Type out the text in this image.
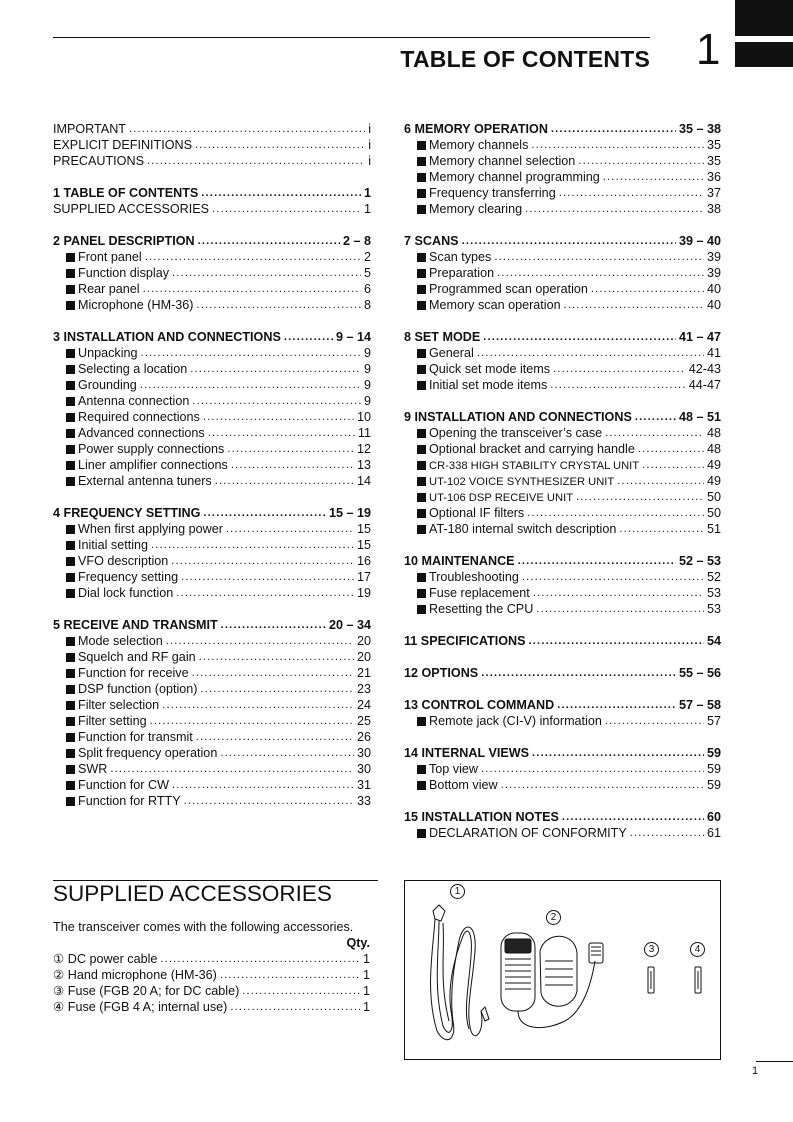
1
TABLE OF CONTENTS
IMPORTANT .....	i
EXPLICIT DEFINITIONS .....	i
PRECAUTIONS .....	i
1 TABLE OF CONTENTS .....	1
SUPPLIED ACCESSORIES .....	1
2 PANEL DESCRIPTION .....	2 – 8
Front panel .....	2
Function display .....	5
Rear panel .....	6
Microphone (HM-36) .....	8
3 INSTALLATION AND CONNECTIONS .....	9 – 14
Unpacking .....	9
Selecting a location .....	9
Grounding .....	9
Antenna connection .....	9
Required connections .....	10
Advanced connections .....	11
Power supply connections .....	12
Liner amplifier connections .....	13
External antenna tuners .....	14
4 FREQUENCY SETTING .....	15 – 19
When first applying power .....	15
Initial setting .....	15
VFO description .....	16
Frequency setting .....	17
Dial lock function .....	19
5 RECEIVE AND TRANSMIT .....	20 – 34
Mode selection .....	20
Squelch and RF gain .....	20
Function for receive .....	21
DSP function (option) .....	23
Filter selection .....	24
Filter setting .....	25
Function for transmit .....	26
Split frequency operation .....	30
SWR .....	30
Function for CW .....	31
Function for RTTY .....	33
6 MEMORY OPERATION .....	35 – 38
Memory channels .....	35
Memory channel selection .....	35
Memory channel programming .....	36
Frequency transferring .....	37
Memory clearing .....	38
7 SCANS .....	39 – 40
Scan types .....	39
Preparation .....	39
Programmed scan operation .....	40
Memory scan operation .....	40
8 SET MODE .....	41 – 47
General .....	41
Quick set mode items .....	42-43
Initial set mode items .....	44-47
9 INSTALLATION AND CONNECTIONS .....	48 – 51
Opening the transceiver’s case .....	48
Optional bracket and carrying handle .....	48
CR-338 HIGH STABILITY CRYSTAL UNIT .....	49
UT-102 VOICE SYNTHESIZER UNIT .....	49
UT-106 DSP RECEIVE UNIT .....	50
Optional IF filters .....	50
AT-180 internal switch description .....	51
10 MAINTENANCE .....	52 – 53
Troubleshooting .....	52
Fuse replacement .....	53
Resetting the CPU .....	53
11 SPECIFICATIONS .....	54
12 OPTIONS .....	55 – 56
13 CONTROL COMMAND .....	57 – 58
Remote jack (CI-V) information .....	57
14 INTERNAL VIEWS .....	59
Top view .....	59
Bottom view .....	59
15 INSTALLATION NOTES .....	60
DECLARATION OF CONFORMITY .....	61
SUPPLIED ACCESSORIES
The transceiver comes with the following accessories.
Qty.
① DC power cable .....	1
② Hand microphone (HM-36) .....	1
③ Fuse (FGB 20 A; for DC cable) .....	1
④ Fuse (FGB 4 A; internal use) .....	1
1
2
3	4
1
